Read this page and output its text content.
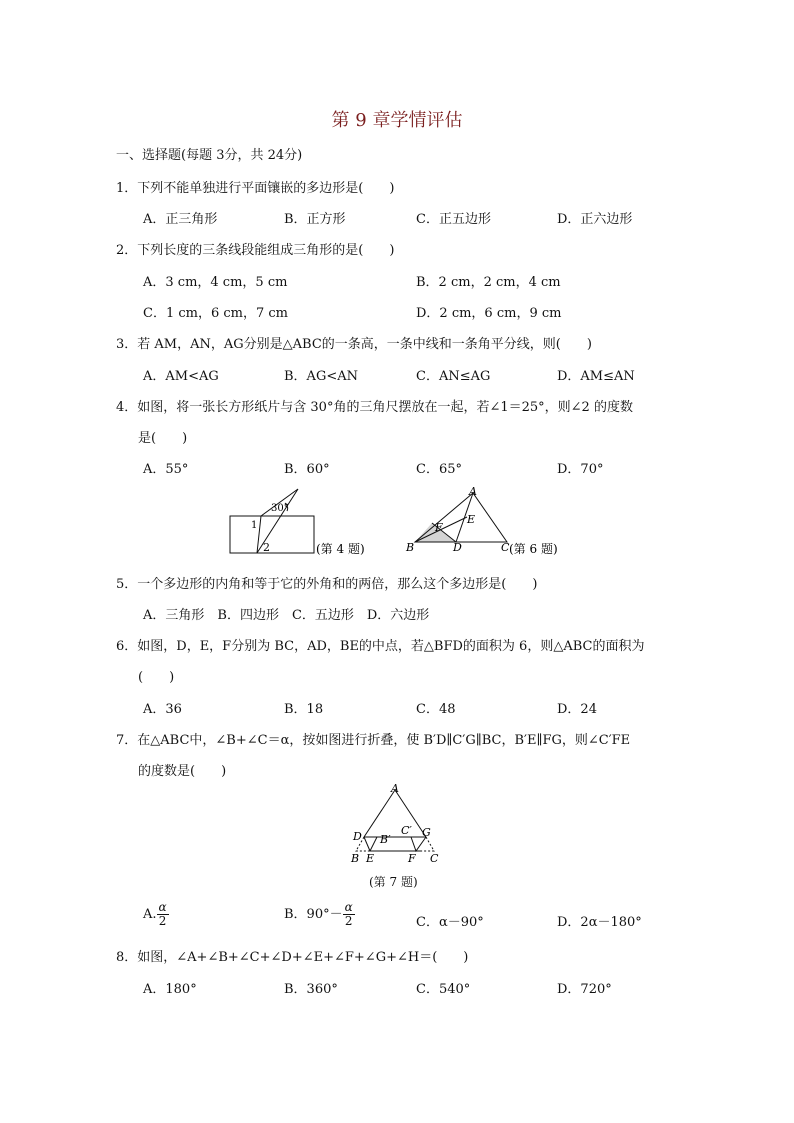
第 9 章学情评估
一、选择题(每题 3分，共 24分)
1．下列不能单独进行平面镶嵌的多边形是(　　)
A．正三角形	B．正方形	C．正五边形	D．正六边形
2．下列长度的三条线段能组成三角形的是(　　)
A．3 cm，4 cm，5 cm	B．2 cm，2 cm，4 cm
C．1 cm，6 cm，7 cm	D．2 cm，6 cm，9 cm
3．若 AM，AN，AG分别是△ABC的一条高，一条中线和一条角平分线，则(　　)
A．AM<AG	B．AG<AN	C．AN≤AG	D．AM≤AN
4．如图，将一张长方形纸片与含 30°角的三角尺摆放在一起，若∠1＝25°，则∠2 的度数
是(　　)
A．55°	B．60°	C．65°	D．70°
30°
1
2	(第 4 题)
A
B	C
D
E
F
(第 6 题)
5．一个多边形的内角和等于它的外角和的两倍，那么这个多边形是(　　)
A．三角形　B．四边形　C．五边形　D．六边形
6．如图，D，E，F分别为 BC，AD，BE的中点，若△BFD的面积为 6，则△ABC的面积为
(　　)
A．36	B．18	C．48	D．24
7．在△ABC中，∠B+∠C＝α，按如图进行折叠，使 B′D∥C′G∥BC，B′E∥FG，则∠C′FE
的度数是(　　)
A
D B′
C′ G
B E	F C
(第 7 题)
A. $\frac{\alpha}{2}$	B．$90^\circ- \frac{\alpha}{2}$	C．α－90°	D．2α－180°
8．如图，∠A+∠B+∠C+∠D+∠E+∠F+∠G+∠H＝(　　)
A．180°	B．360°	C．540°	D．720°
